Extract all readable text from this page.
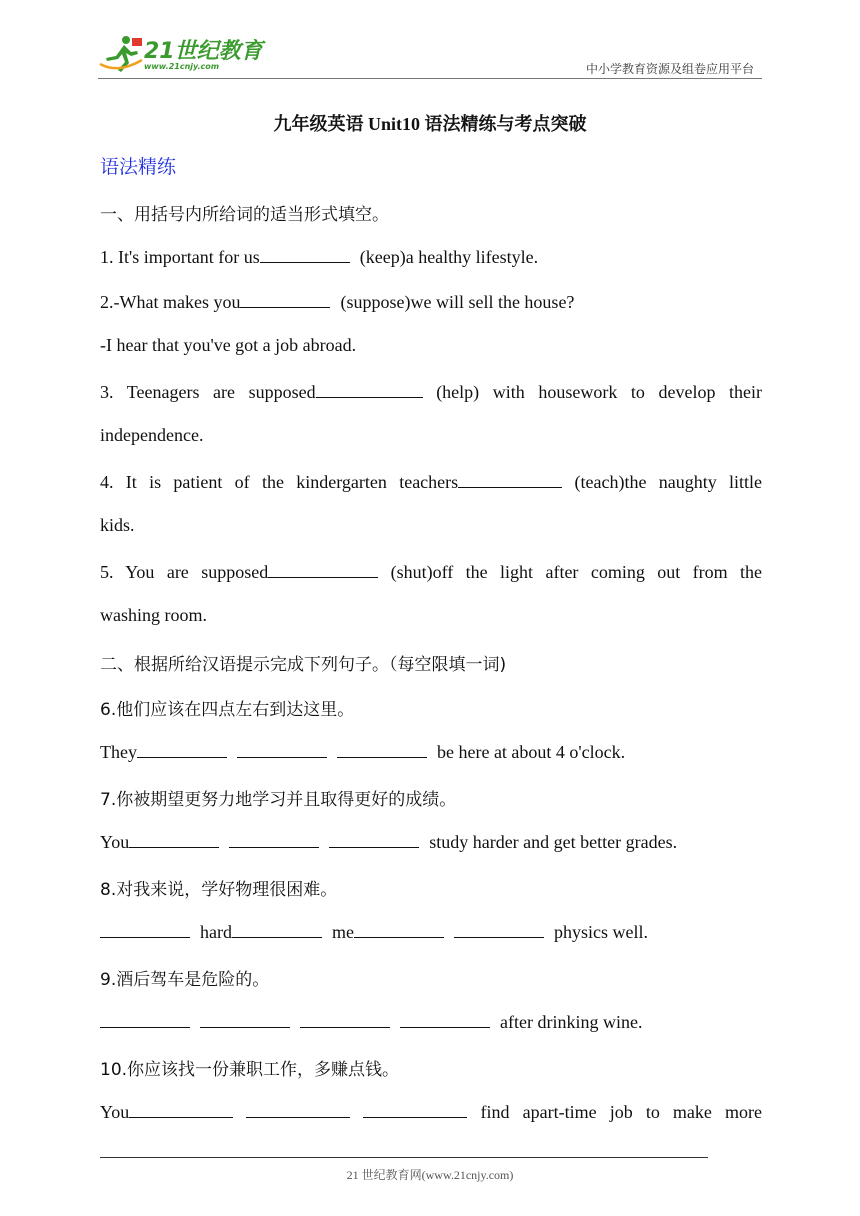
21世纪教育
www.21cnjy.com	中小学教育资源及组卷应用平台
九年级英语 Unit10 语法精练与考点突破
语法精练
一、用括号内所给词的适当形式填空。
1. It's important for us	(keep)a healthy lifestyle.
2.-What makes you	(suppose)we will sell the house?
-I hear that you've got a job abroad.
3. Teenagers are supposed	(help) with housework to develop their
independence.
4. It is patient of the kindergarten teachers	(teach)the naughty little
kids.
5. You are supposed	(shut)off the light after coming out from the
washing room.
二、根据所给汉语提示完成下列句子。（每空限填一词)
6.他们应该在四点左右到达这里。
They	be here at about 4 o'clock.
7.你被期望更努力地学习并且取得更好的成绩。
You	study harder and get better grades.
8.对我来说，学好物理很困难。
hard	me	physics well.
9.酒后驾车是危险的。
after drinking wine.
10.你应该找一份兼职工作，多赚点钱。
You	find apart-time job to make more
21 世纪教育网(www.21cnjy.com)
